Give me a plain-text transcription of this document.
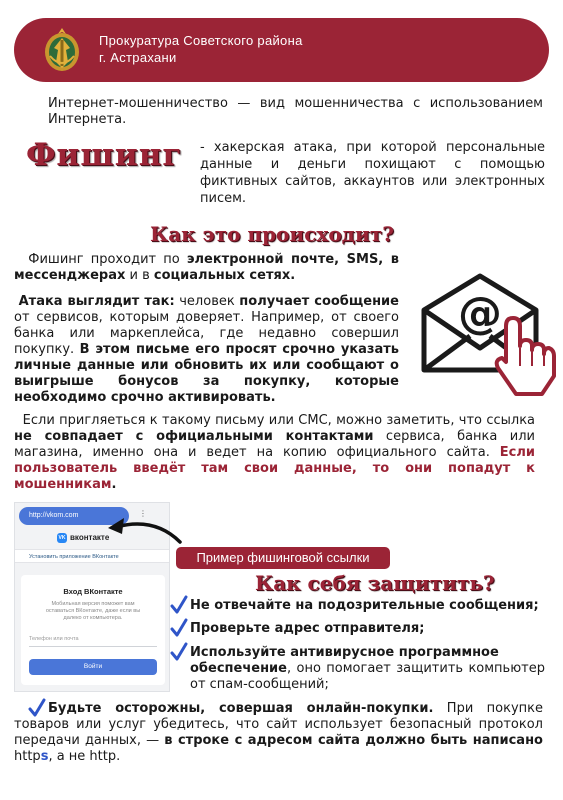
Прокуратура Советского района
г. Астрахани
Интернет-мошенничество — вид мошенничества с использованием Интернета.
Фишинг - хакерская атака, при которой персональные данные и деньги похищают с помощью фиктивных сайтов, аккаунтов или электронных писем.
Как это происходит?
Фишинг проходит по электронной почте, SMS, в мессенджерах и в социальных сетях.
Атака выглядит так: человек получает сообщение от сервисов, которым доверяет. Например, от своего банка или маркеплейса, где недавно совершил покупку. В этом письме его просят срочно указать личные данные или обновить их или сообщают о выигрыше бонусов за покупку, которые необходимо срочно активировать.
@
Если пригляеться к такому письму или СМС, можно заметить, что ссылка не совпадает с официальными контактами сервиса, банка или магазина, именно она и ведет на копию официального сайта. Если пользователь введёт там свои данные, то они попадут к мошенникам.
http://vkom.com	⋮
VK вконтакте
Установить приложение ВКонтакте
Вход ВКонтакте
Мобильная версия поможет вам оставаться ВКонтакте, даже если вы далеко от компьютера.
Телефон или почта
Войти
Пример фишинговой ссылки
Как себя защитить?
Не отвечайте на подозрительные сообщения;
Проверьте адрес отправителя;
Используйте антивирусное программное
обеспечение, оно помогает защитить компьютер от спам-сообщений;
Будьте осторожны, совершая онлайн-покупки. При покупке товаров или услуг убедитесь, что сайт использует безопасный протокол передачи данных, — в строке с адресом сайта должно быть написано https, а не http.
